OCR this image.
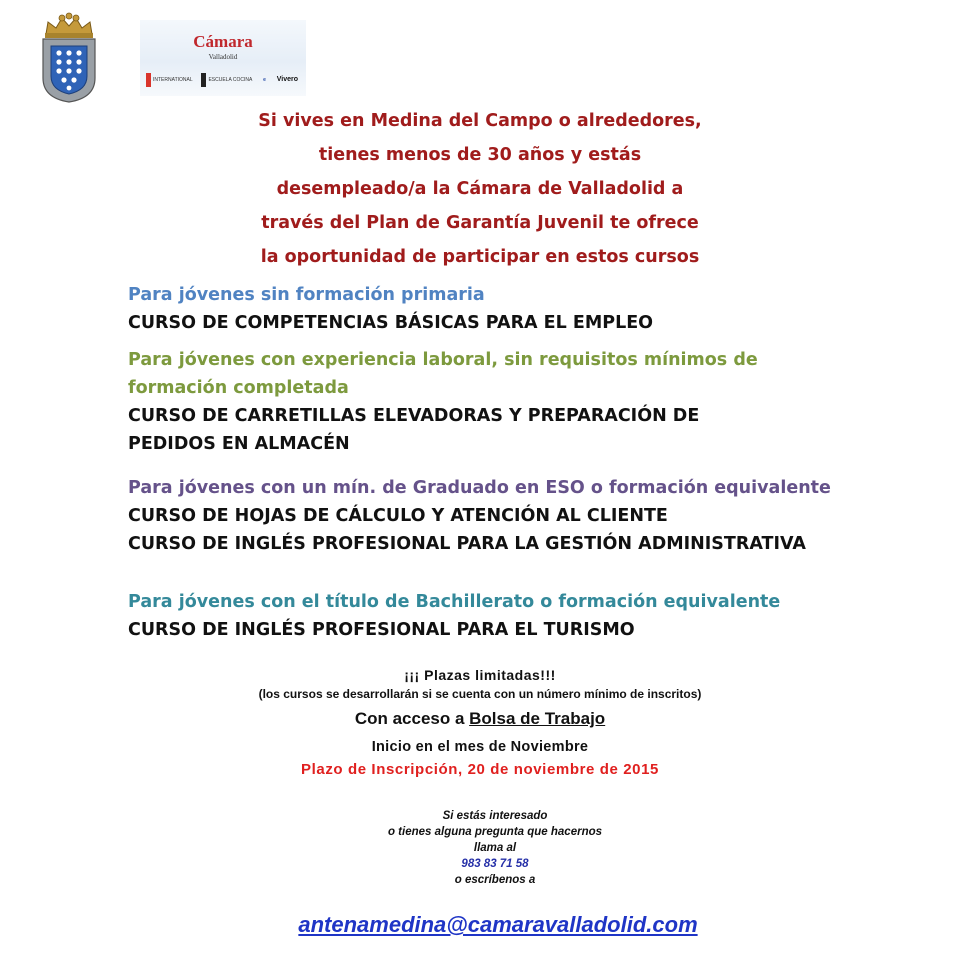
Cámara
Valladolid
INTERNATIONAL	ESCUELA COCINA	e Vivero
Si vives en Medina del Campo o alrededores,
tienes menos de 30 años y estás
desempleado/a la Cámara de Valladolid a
través del Plan de Garantía Juvenil te ofrece
la oportunidad de participar en estos cursos
Para jóvenes sin formación primaria
CURSO DE COMPETENCIAS BÁSICAS PARA EL EMPLEO
Para jóvenes con experiencia laboral, sin requisitos mínimos de
formación completada
CURSO DE CARRETILLAS ELEVADORAS Y PREPARACIÓN DE
PEDIDOS EN ALMACÉN
Para jóvenes con un mín. de Graduado en ESO o formación equivalente
CURSO DE HOJAS DE CÁLCULO Y ATENCIÓN AL CLIENTE
CURSO DE INGLÉS PROFESIONAL PARA LA GESTIÓN ADMINISTRATIVA
Para jóvenes con el título de Bachillerato o formación equivalente
CURSO DE INGLÉS PROFESIONAL PARA EL TURISMO
¡¡¡ Plazas limitadas!!!
(los cursos se desarrollarán si se cuenta con un número mínimo de inscritos)
Con acceso a Bolsa de Trabajo
Inicio en el mes de Noviembre
Plazo de Inscripción, 20 de noviembre de 2015
Si estás interesado
o tienes alguna pregunta que hacernos
llama al
983 83 71 58
o escríbenos a
antenamedina@camaravalladolid.com
